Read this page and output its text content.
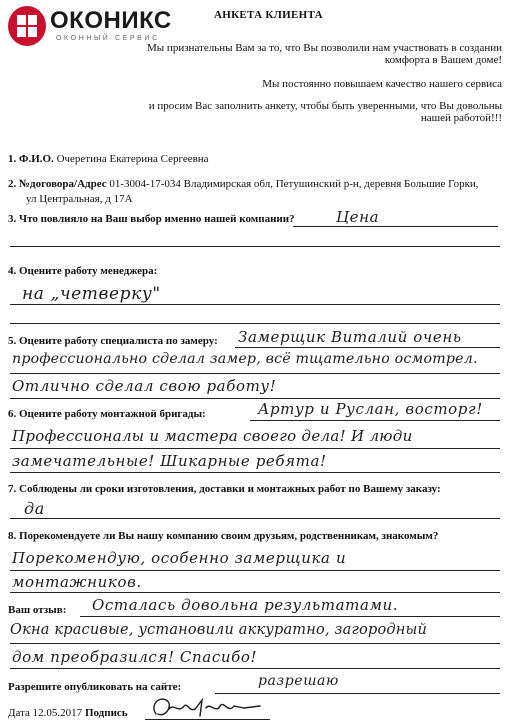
ОКОНИКС
ОКОННЫЙ СЕРВИС
АНКЕТА КЛИЕНТА
Мы признательны Вам за то, что Вы позволили нам участвовать в создании комфорта в Вашем доме!
Мы постоянно повышаем качество нашего сервиса
и просим Вас заполнить анкету, чтобы быть уверенными, что Вы довольны нашей работой!!!
1. Ф.И.О. Очеретина Екатерина Сергеевна
2. №договора/Адрес 01-3004-17-034 Владимирская обл, Петушинский р-н, деревня Большие Горки,
ул Центральная, д 17А
3. Что повлияло на Ваш выбор именно нашей компании?	Цена
4. Оцените работу менеджера:
на „четверку"
5. Оцените работу специалиста по замеру: Замерщик Виталий очень
профессионально сделал замер, всё тщательно осмотрел.
Отлично сделал свою работу!
6. Оцените работу монтажной бригады:	Артур и Руслан, восторг!
Профессионалы и мастера своего дела! И люди
замечательные! Шикарные ребята!
7. Соблюдены ли сроки изготовления, доставки и монтажных работ по Вашему заказу:
да
8. Порекомендуете ли Вы нашу компанию своим друзьям, родственникам, знакомым?
Порекомендую, особенно замерщика и
монтажников.
Ваш отзыв: Осталась довольна результатами.
Окна красивые, установили аккуратно, загородный
дом преобразился! Спасибо!
Разрешите опубликовать на сайте:	разрешаю
Дата 12.05.2017 Подпись
